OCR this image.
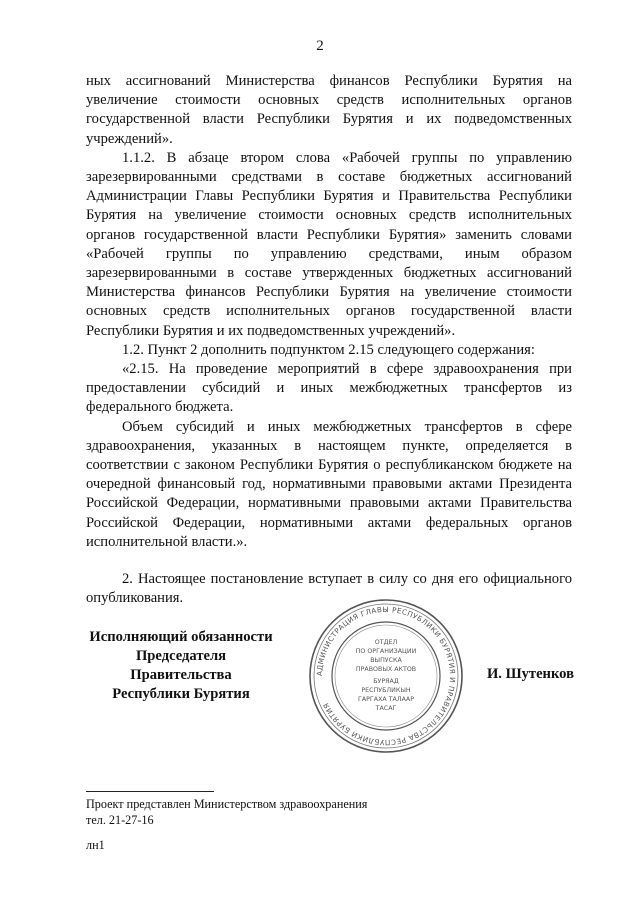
2

ных ассигнований Министерства финансов Республики Бурятия на увеличение стоимости основных средств исполнительных органов государственной власти Республики Бурятия и их подведомственных учреждений».

1.1.2. В абзаце втором слова «Рабочей группы по управлению зарезервированными средствами в составе бюджетных ассигнований Администрации Главы Республики Бурятия и Правительства Республики Бурятия на увеличение стоимости основных средств исполнительных органов государственной власти Республики Бурятия» заменить словами «Рабочей группы по управлению средствами, иным образом зарезервированными в составе утвержденных бюджетных ассигнований Министерства финансов Республики Бурятия на увеличение стоимости основных средств исполнительных органов государственной власти Республики Бурятия и их подведомственных учреждений».

1.2. Пункт 2 дополнить подпунктом 2.15 следующего содержания:

«2.15. На проведение мероприятий в сфере здравоохранения при предоставлении субсидий и иных межбюджетных трансфертов из федерального бюджета.

Объем субсидий и иных межбюджетных трансфертов в сфере здравоохранения, указанных в настоящем пункте, определяется в соответствии с законом Республики Бурятия о республиканском бюджете на очередной финансовый год, нормативными правовыми актами Президента Российской Федерации, нормативными правовыми актами Правительства Российской Федерации, нормативными актами федеральных органов исполнительной власти.».

2. Настоящее постановление вступает в силу со дня его официального опубликования.

Исполняющий обязанности
Председателя Правительства
Республики Бурятия
АДМИНИСТРАЦИЯ ГЛАВЫ РЕСПУБЛИКИ БУРЯТИЯ И ПРАВИТЕЛЬСТВА РЕСПУБЛИКИ БУРЯТИЯ
ОТДЕЛ
ПО ОРГАНИЗАЦИИ
ВЫПУСКА
ПРАВОВЫХ АКТОВ
БУРЯАД
РЕСПУБЛИКЫН
ГАРГАХА ТАЛААР
ТАСАГ
И. Шутенков
Проект представлен Министерством здравоохранения
тел. 21-27-16
лн1
